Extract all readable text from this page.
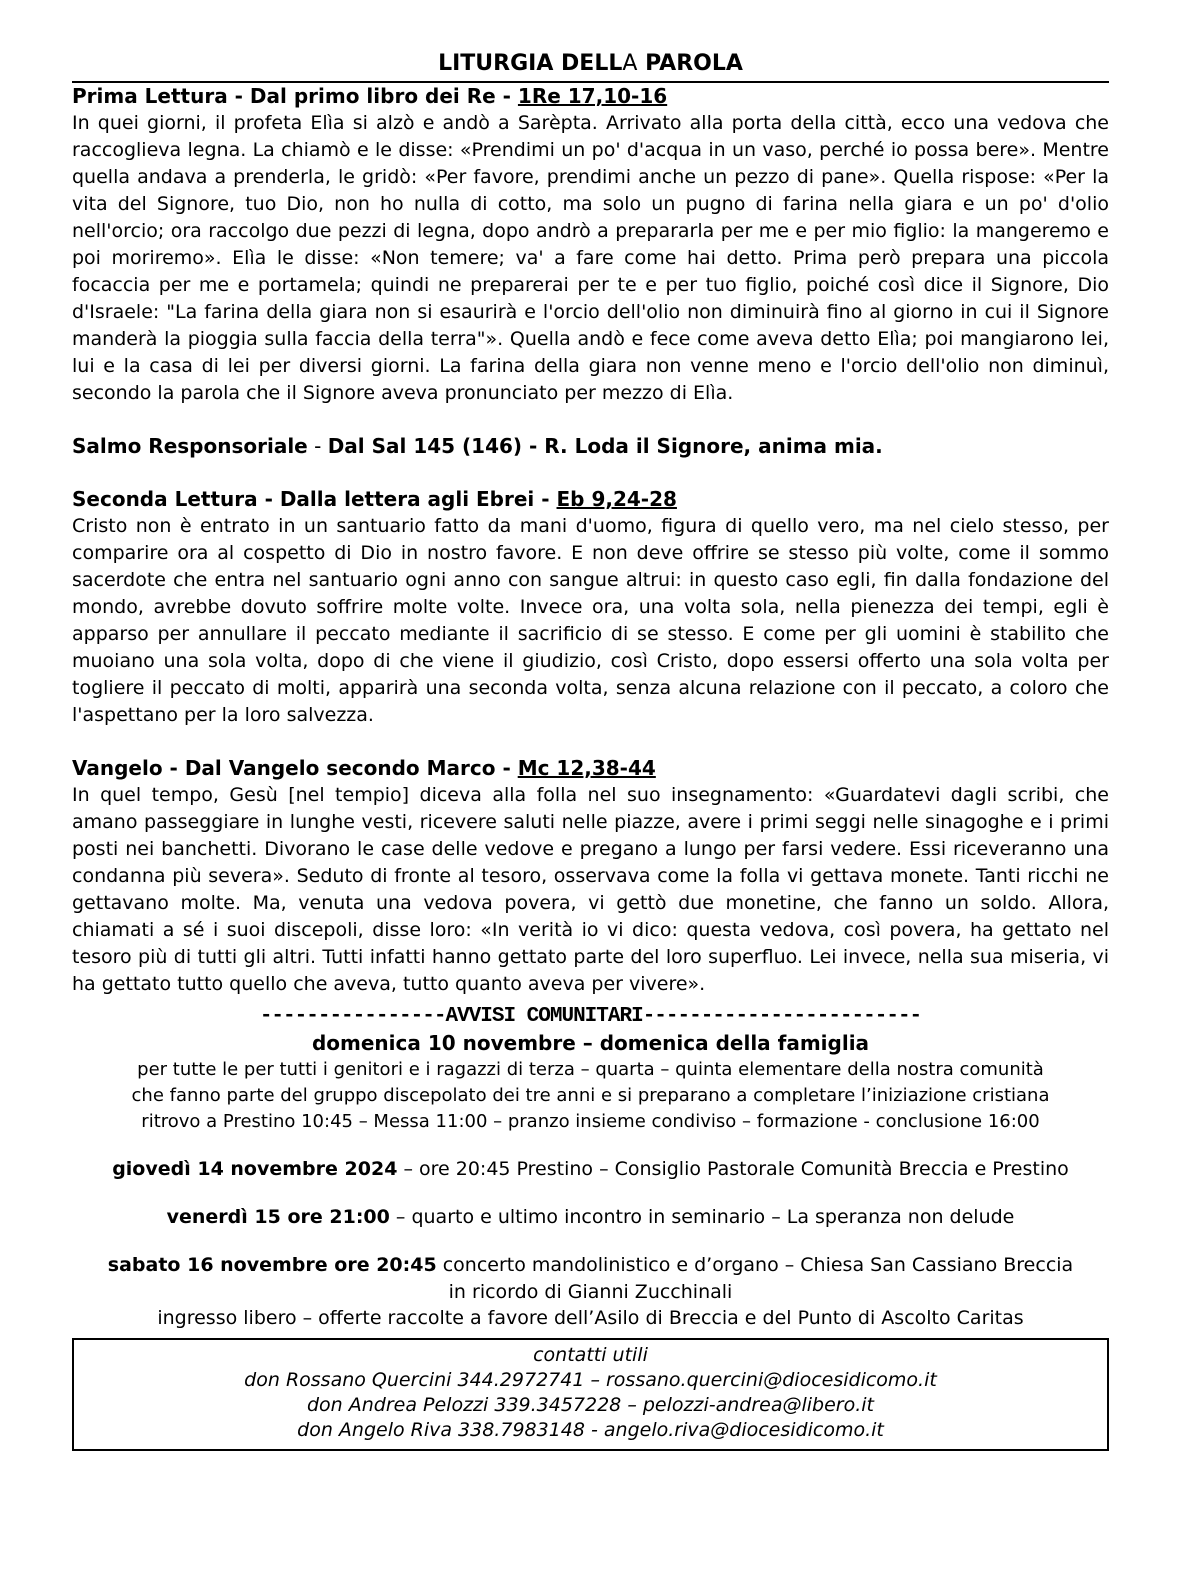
LITURGIA DELLA PAROLA
Prima Lettura - Dal primo libro dei Re - 1Re 17,10-16
In quei giorni, il profeta Elìa si alzò e andò a Sarèpta. Arrivato alla porta della città, ecco una vedova che raccoglieva legna. La chiamò e le disse: «Prendimi un po' d'acqua in un vaso, perché io possa bere». Mentre quella andava a prenderla, le gridò: «Per favore, prendimi anche un pezzo di pane». Quella rispose: «Per la vita del Signore, tuo Dio, non ho nulla di cotto, ma solo un pugno di farina nella giara e un po' d'olio nell'orcio; ora raccolgo due pezzi di legna, dopo andrò a prepararla per me e per mio figlio: la mangeremo e poi moriremo». Elìa le disse: «Non temere; va' a fare come hai detto. Prima però prepara una piccola focaccia per me e portamela; quindi ne preparerai per te e per tuo figlio, poiché così dice il Signore, Dio d'Israele: "La farina della giara non si esaurirà e l'orcio dell'olio non diminuirà fino al giorno in cui il Signore manderà la pioggia sulla faccia della terra"». Quella andò e fece come aveva detto Elìa; poi mangiarono lei, lui e la casa di lei per diversi giorni. La farina della giara non venne meno e l'orcio dell'olio non diminuì, secondo la parola che il Signore aveva pronunciato per mezzo di Elìa.
Salmo Responsoriale - Dal Sal 145 (146) - R. Loda il Signore, anima mia.
Seconda Lettura - Dalla lettera agli Ebrei - Eb 9,24-28
Cristo non è entrato in un santuario fatto da mani d'uomo, figura di quello vero, ma nel cielo stesso, per comparire ora al cospetto di Dio in nostro favore. E non deve offrire se stesso più volte, come il sommo sacerdote che entra nel santuario ogni anno con sangue altrui: in questo caso egli, fin dalla fondazione del mondo, avrebbe dovuto soffrire molte volte. Invece ora, una volta sola, nella pienezza dei tempi, egli è apparso per annullare il peccato mediante il sacrificio di se stesso. E come per gli uomini è stabilito che muoiano una sola volta, dopo di che viene il giudizio, così Cristo, dopo essersi offerto una sola volta per togliere il peccato di molti, apparirà una seconda volta, senza alcuna relazione con il peccato, a coloro che l'aspettano per la loro salvezza.
Vangelo - Dal Vangelo secondo Marco - Mc 12,38-44
In quel tempo, Gesù [nel tempio] diceva alla folla nel suo insegnamento: «Guardatevi dagli scribi, che amano passeggiare in lunghe vesti, ricevere saluti nelle piazze, avere i primi seggi nelle sinagoghe e i primi posti nei banchetti. Divorano le case delle vedove e pregano a lungo per farsi vedere. Essi riceveranno una condanna più severa». Seduto di fronte al tesoro, osservava come la folla vi gettava monete. Tanti ricchi ne gettavano molte. Ma, venuta una vedova povera, vi gettò due monetine, che fanno un soldo. Allora, chiamati a sé i suoi discepoli, disse loro: «In verità io vi dico: questa vedova, così povera, ha gettato nel tesoro più di tutti gli altri. Tutti infatti hanno gettato parte del loro superfluo. Lei invece, nella sua miseria, vi ha gettato tutto quello che aveva, tutto quanto aveva per vivere».
----------------AVVISI COMUNITARI------------------------
domenica 10 novembre – domenica della famiglia
per tutte le per tutti i genitori e i ragazzi di terza – quarta – quinta elementare della nostra comunità
che fanno parte del gruppo discepolato dei tre anni e si preparano a completare l’iniziazione cristiana
ritrovo a Prestino 10:45 – Messa 11:00 – pranzo insieme condiviso – formazione - conclusione 16:00
giovedì 14 novembre 2024 – ore 20:45 Prestino – Consiglio Pastorale Comunità Breccia e Prestino
venerdì 15 ore 21:00 – quarto e ultimo incontro in seminario – La speranza non delude
sabato 16 novembre ore 20:45 concerto mandolinistico e d’organo – Chiesa San Cassiano Breccia
in ricordo di Gianni Zucchinali
ingresso libero – offerte raccolte a favore dell’Asilo di Breccia e del Punto di Ascolto Caritas
contatti utili
don Rossano Quercini 344.2972741 – rossano.quercini@diocesidicomo.it
don Andrea Pelozzi 339.3457228 – pelozzi-andrea@libero.it
don Angelo Riva 338.7983148 - angelo.riva@diocesidicomo.it
